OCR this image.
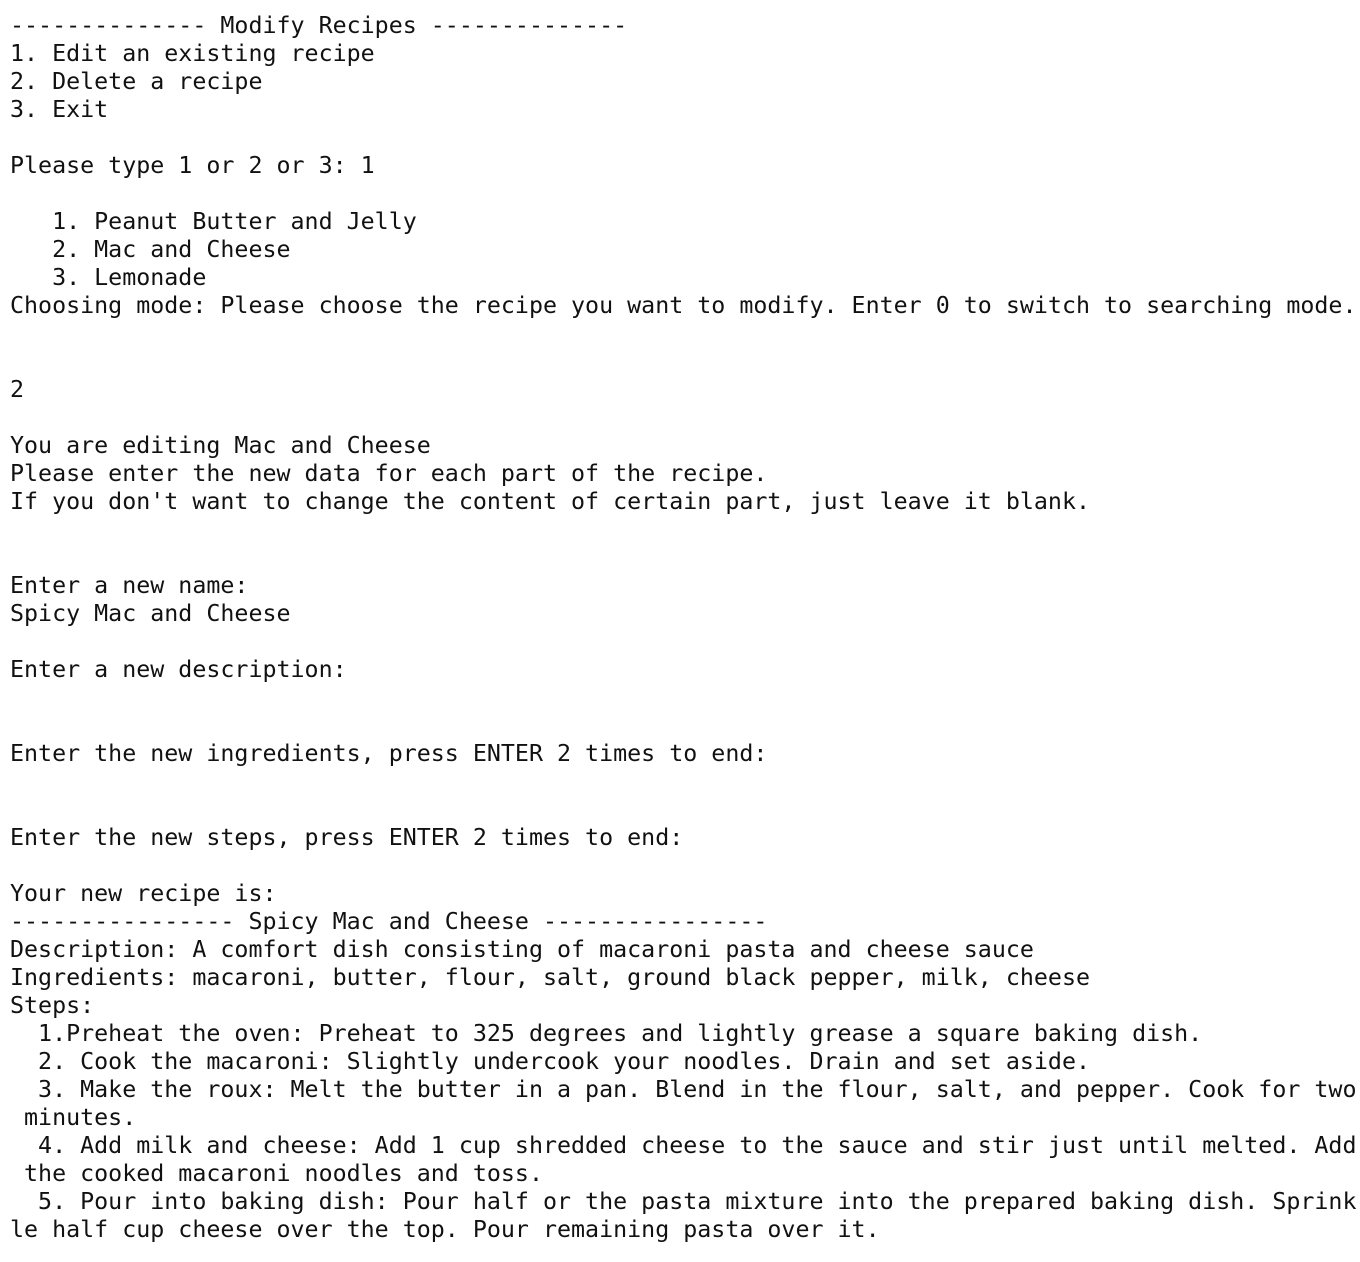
-------------- Modify Recipes --------------
1. Edit an existing recipe
2. Delete a recipe
3. Exit
Please type 1 or 2 or 3: 1
1. Peanut Butter and Jelly
2. Mac and Cheese
3. Lemonade
Choosing mode: Please choose the recipe you want to modify. Enter 0 to switch to searching mode.
2
You are editing Mac and Cheese
Please enter the new data for each part of the recipe.
If you don't want to change the content of certain part, just leave it blank.
Enter a new name:
Spicy Mac and Cheese
Enter a new description:
Enter the new ingredients, press ENTER 2 times to end:
Enter the new steps, press ENTER 2 times to end:
Your new recipe is:
---------------- Spicy Mac and Cheese ----------------
Description: A comfort dish consisting of macaroni pasta and cheese sauce
Ingredients: macaroni, butter, flour, salt, ground black pepper, milk, cheese
Steps:
1.Preheat the oven: Preheat to 325 degrees and lightly grease a square baking dish.
2. Cook the macaroni: Slightly undercook your noodles. Drain and set aside.
3. Make the roux: Melt the butter in a pan. Blend in the flour, salt, and pepper. Cook for two
minutes.
4. Add milk and cheese: Add 1 cup shredded cheese to the sauce and stir just until melted. Add
the cooked macaroni noodles and toss.
5. Pour into baking dish: Pour half or the pasta mixture into the prepared baking dish. Sprink
le half cup cheese over the top. Pour remaining pasta over it.
